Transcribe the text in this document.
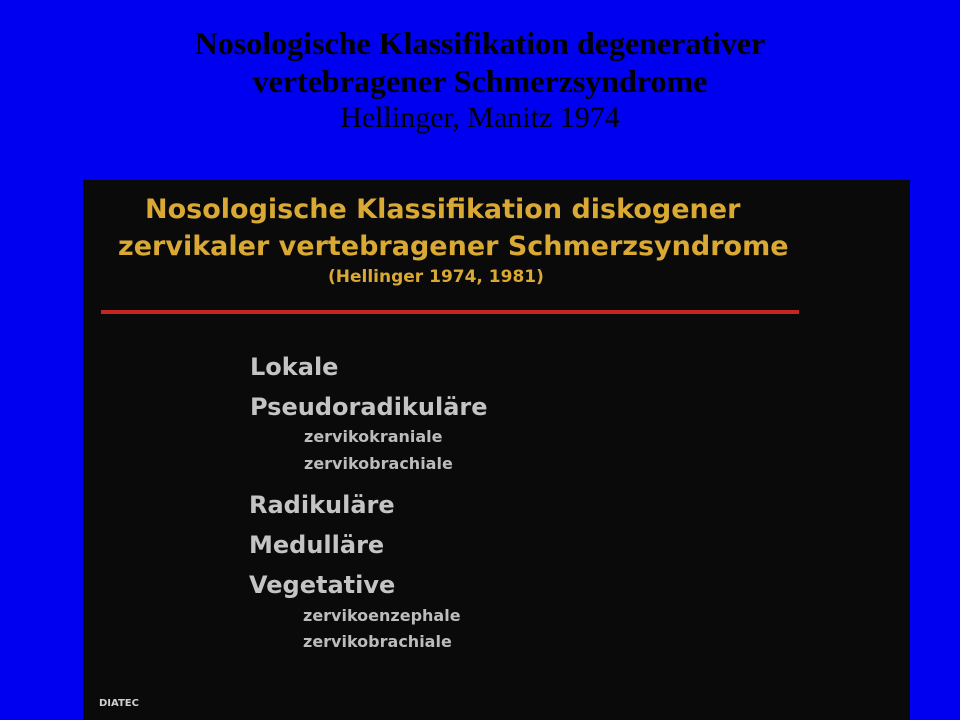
Nosologische Klassifikation degenerativer
vertebragener Schmerzsyndrome
Hellinger, Manitz 1974
Nosologische Klassifikation diskogener
zervikaler vertebragener Schmerzsyndrome
(Hellinger 1974, 1981)
Lokale
Pseudoradikuläre
zervikokraniale
zervikobrachiale
Radikuläre
Medulläre
Vegetative
zervikoenzephale
zervikobrachiale
DIATEC
